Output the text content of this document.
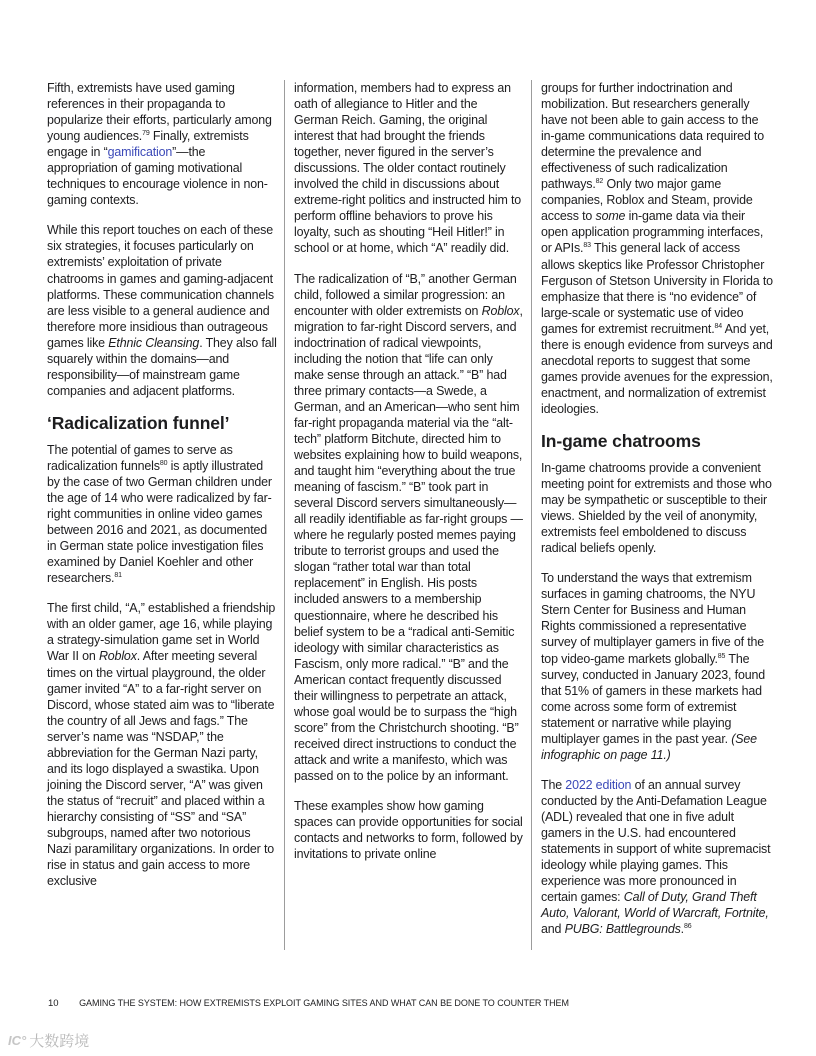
Fifth, extremists have used gaming references in their propaganda to popularize their efforts, particularly among young audiences.$^{79}$ Finally, extremists engage in “gamification”—the appropriation of gaming motivational techniques to encourage violence in non-gaming contexts.

While this report touches on each of these six strategies, it focuses particularly on extremists’ exploitation of private chatrooms in games and gaming-adjacent platforms. These communication channels are less visible to a general audience and therefore more insidious than outrageous games like Ethnic Cleansing. They also fall squarely within the domains—and responsibility—of mainstream game companies and adjacent platforms.

‘Radicalization funnel’

The potential of games to serve as radicalization funnels$^{80}$ is aptly illustrated by the case of two German children under the age of 14 who were radicalized by far-right communities in online video games between 2016 and 2021, as documented in German state police investigation files examined by Daniel Koehler and other researchers.$^{81}$

The first child, “A,” established a friendship with an older gamer, age 16, while playing a strategy-simulation game set in World War II on Roblox. After meeting several times on the virtual playground, the older gamer invited “A” to a far-right server on Discord, whose stated aim was to “liberate the country of all Jews and fags.” The server’s name was “NSDAP,” the abbreviation for the German Nazi party, and its logo displayed a swastika. Upon joining the Discord server, “A” was given the status of “recruit” and placed within a hierarchy consisting of “SS” and “SA” subgroups, named after two notorious Nazi paramilitary organizations. In order to rise in status and gain access to more exclusive

information, members had to express an oath of allegiance to Hitler and the German Reich. Gaming, the original interest that had brought the friends together, never figured in the server’s discussions. The older contact routinely involved the child in discussions about extreme-right politics and instructed him to perform offline behaviors to prove his loyalty, such as shouting “Heil Hitler!” in school or at home, which “A” readily did.

The radicalization of “B,” another German child, followed a similar progression: an encounter with older extremists on Roblox, migration to far-right Discord servers, and indoctrination of radical viewpoints, including the notion that “life can only make sense through an attack.” “B” had three primary contacts—a Swede, a German, and an American—who sent him far-right propaganda material via the “alt-tech” platform Bitchute, directed him to websites explaining how to build weapons, and taught him “everything about the true meaning of fascism.” “B” took part in several Discord servers simultaneously—all readily identifiable as far-right groups —where he regularly posted memes paying tribute to terrorist groups and used the slogan “rather total war than total replacement” in English. His posts included answers to a membership questionnaire, where he described his belief system to be a “radical anti-Semitic ideology with similar characteristics as Fascism, only more radical.” “B” and the American contact frequently discussed their willingness to perpetrate an attack, whose goal would be to surpass the “high score” from the Christchurch shooting. “B” received direct instructions to conduct the attack and write a manifesto, which was passed on to the police by an informant.

These examples show how gaming spaces can provide opportunities for social contacts and networks to form, followed by invitations to private online

groups for further indoctrination and mobilization. But researchers generally have not been able to gain access to the in-game communications data required to determine the prevalence and effectiveness of such radicalization pathways.$^{82}$ Only two major game companies, Roblox and Steam, provide access to some in-game data via their open application programming interfaces, or APIs.$^{83}$ This general lack of access allows skeptics like Professor Christopher Ferguson of Stetson University in Florida to emphasize that there is “no evidence” of large-scale or systematic use of video games for extremist recruitment.$^{84}$ And yet, there is enough evidence from surveys and anecdotal reports to suggest that some games provide avenues for the expression, enactment, and normalization of extremist ideologies.

In-game chatrooms

In-game chatrooms provide a convenient meeting point for extremists and those who may be sympathetic or susceptible to their views. Shielded by the veil of anonymity, extremists feel emboldened to discuss radical beliefs openly.

To understand the ways that extremism surfaces in gaming chatrooms, the NYU Stern Center for Business and Human Rights commissioned a representative survey of multiplayer gamers in five of the top video-game markets globally.$^{85}$ The survey, conducted in January 2023, found that 51% of gamers in these markets had come across some form of extremist statement or narrative while playing multiplayer games in the past year. (See infographic on page 11.)

The 2022 edition of an annual survey conducted by the Anti-Defamation League (ADL) revealed that one in five adult gamers in the U.S. had encountered statements in support of white supremacist ideology while playing games. This experience was more pronounced in certain games: Call of Duty, Grand Theft Auto, Valorant, World of Warcraft, Fortnite, and PUBG: Battlegrounds.$^{86}$

10 GAMING THE SYSTEM: HOW EXTREMISTS EXPLOIT GAMING SITES AND WHAT CAN BE DONE TO COUNTER THEM
IC° 大数跨境
